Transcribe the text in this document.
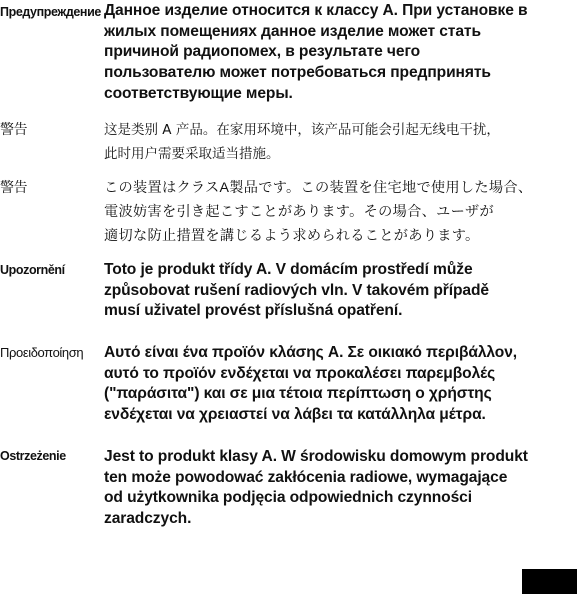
Предупреждение Данное изделие относится к классу А. При установке в
жилых помещениях данное изделие может стать
причиной радиопомех, в результате чего
пользователю может потребоваться предпринять
соответствующие меры.
警告	这是类别 A 产品。在家用环境中，该产品可能会引起无线电干扰，
此时用户需要采取适当措施。
警告	この装置はクラスA製品です。この装置を住宅地で使用した場合、
電波妨害を引き起こすことがあります。その場合、ユーザが
適切な防止措置を講じるよう求められることがあります。
Upozornění	Toto je produkt třídy A. V domácím prostředí může
způsobovat rušení radiových vln. V takovém případě
musí uživatel provést příslušná opatření.
Προειδοποίηση	Αυτό είναι ένα προϊόν κλάσης A. Σε οικιακό περιβάλλον,
αυτό το προϊόν ενδέχεται να προκαλέσει παρεμβολές
("παράσιτα") και σε μια τέτοια περίπτωση ο χρήστης
ενδέχεται να χρειαστεί να λάβει τα κατάλληλα μέτρα.
Ostrzeżenie Jest to produkt klasy A. W środowisku domowym produkt
ten może powodować zakłócenia radiowe, wymagające
od użytkownika podjęcia odpowiednich czynności
zaradczych.
